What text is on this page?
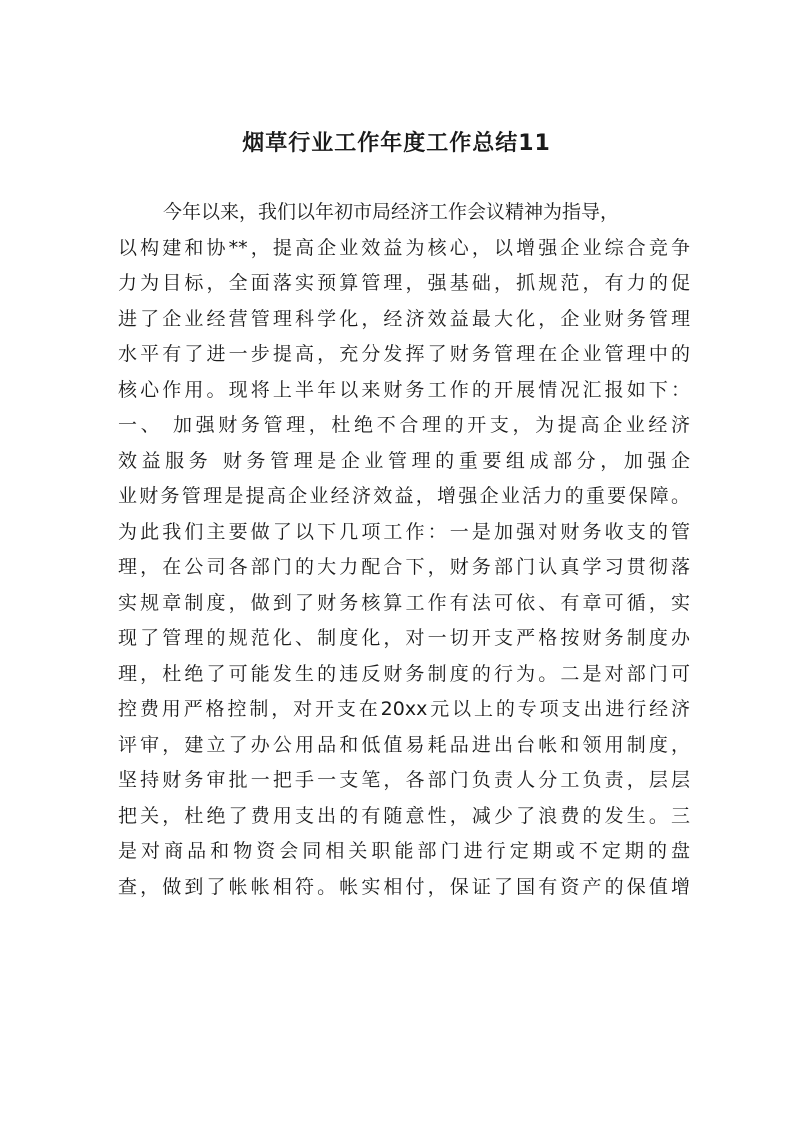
烟草行业工作年度工作总结11
今年以来，我们以年初市局经济工作会议精神为指导，
以构建和协**，提高企业效益为核心，以增强企业综合竞争
力为目标，全面落实预算管理，强基础，抓规范，有力的促
进了企业经营管理科学化，经济效益最大化，企业财务管理
水平有了进一步提高，充分发挥了财务管理在企业管理中的
核心作用。现将上半年以来财务工作的开展情况汇报如下：
一、 加强财务管理，杜绝不合理的开支，为提高企业经济
效益服务 财务管理是企业管理的重要组成部分，加强企
业财务管理是提高企业经济效益，增强企业活力的重要保障。
为此我们主要做了以下几项工作：一是加强对财务收支的管
理，在公司各部门的大力配合下，财务部门认真学习贯彻落
实规章制度，做到了财务核算工作有法可依、有章可循，实
现了管理的规范化、制度化，对一切开支严格按财务制度办
理，杜绝了可能发生的违反财务制度的行为。二是对部门可
控费用严格控制，对开支在20xx元以上的专项支出进行经济
评审，建立了办公用品和低值易耗品进出台帐和领用制度，
坚持财务审批一把手一支笔，各部门负责人分工负责，层层
把关，杜绝了费用支出的有随意性，减少了浪费的发生。三
是对商品和物资会同相关职能部门进行定期或不定期的盘
查，做到了帐帐相符。帐实相付，保证了国有资产的保值增
